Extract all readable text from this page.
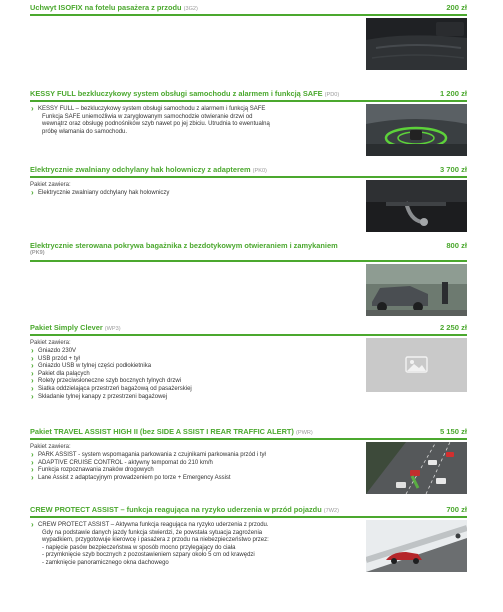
Uchwyt ISOFIX na fotelu pasażera z przodu (3G2)	200 zł
KESSY FULL bezkluczykowy system obsługi samochodu z alarmem i funkcją SAFE (PD0)	1 200 zł
› KESSY FULL – bezkluczykowy system obsługi samochodu z alarmem i funkcją SAFE
Funkcja SAFE uniemożliwia w zaryglowanym samochodzie otwieranie drzwi od
wewnątrz oraz obsługę podnośników szyb nawet po jej zbiciu. Utrudnia to ewentualną
próbę włamania do samochodu.
Elektrycznie zwalniany odchylany hak holowniczy z adapterem (PK0)	3 700 zł
Pakiet zawiera:
› Elektrycznie zwalniany odchylany hak holowniczy
Elektrycznie sterowana pokrywa bagażnika z bezdotykowym otwieraniem i zamykaniem
(PK9)
800 zł
Pakiet Simply Clever (WP3)	2 250 zł
Pakiet zawiera:
› Gniazdo 230V
› USB przód + tył
› Gniazdo USB w tylnej części podłokietnika
› Pakiet dla palących
› Rolety przeciwsłoneczne szyb bocznych tylnych drzwi
› Siatka oddzielająca przestrzeń bagażową od pasażerskiej
› Składanie tylnej kanapy z przestrzeni bagażowej
Pakiet TRAVEL ASSIST HIGH II (bez SIDE A SSIST I REAR TRAFFIC ALERT) (PWR)	5 150 zł
Pakiet zawiera:
› PARK ASSIST - system wspomagania parkowania z czujnikami parkowania przód i tył
› ADAPTIVE CRUISE CONTROL - aktywny tempomat do 210 km/h
› Funkcja rozpoznawania znaków drogowych
› Lane Assist z adaptacyjnym prowadzeniem po torze + Emergency Assist
CREW PROTECT ASSIST – funkcja reagująca na ryzyko uderzenia w przód pojazdu (7W2)	700 zł
› CREW PROTECT ASSIST – Aktywna funkcja reagująca na ryzyko uderzenia z przodu.
Gdy na podstawie danych jazdy funkcja stwierdzi, że powstała sytuacja zagrożenia
wypadkiem, przygotowuje kierowcę i pasażera z przodu na niebezpieczeństwo przez:
- napięcie pasów bezpieczeństwa w sposób mocno przylegający do ciała
- przymknięcie szyb bocznych z pozostawieniem szpary około 5 cm od krawędzi
- zamknięcie panoramicznego okna dachowego
OTOMOTO
